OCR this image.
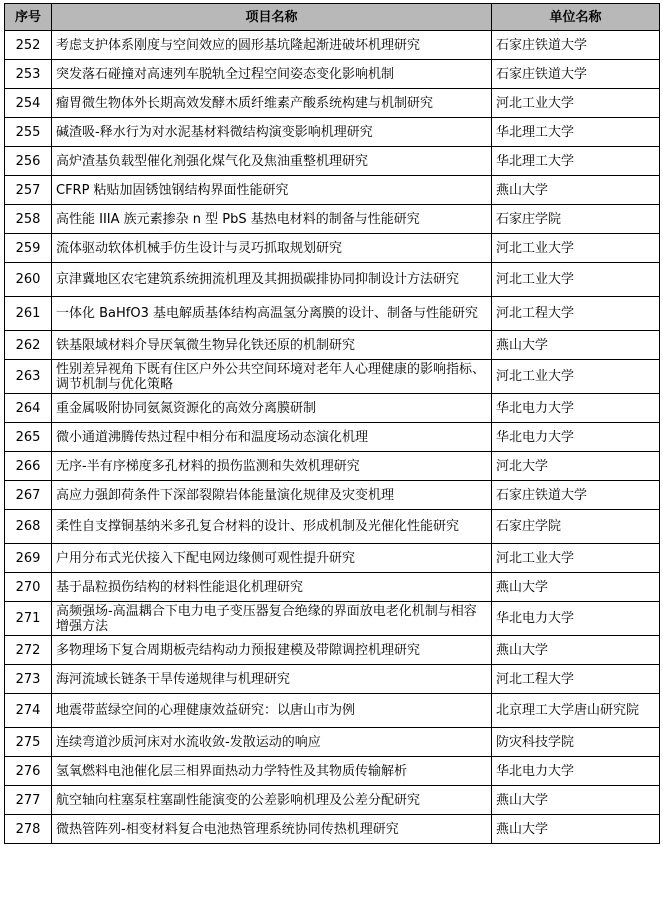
序号	项目名称	单位名称
252	考虑支护体系刚度与空间效应的圆形基坑隆起渐进破坏机理研究	石家庄铁道大学
253	突发落石碰撞对高速列车脱轨全过程空间姿态变化影响机制	石家庄铁道大学
254	瘤胃微生物体外长期高效发酵木质纤维素产酸系统构建与机制研究	河北工业大学
255	碱渣吸-释水行为对水泥基材料微结构演变影响机理研究	华北理工大学
256	高炉渣基负载型催化剂强化煤气化及焦油重整机理研究	华北理工大学
257	CFRP 粘贴加固锈蚀钢结构界面性能研究	燕山大学
258	高性能 IIIA 族元素掺杂 n 型 PbS 基热电材料的制备与性能研究	石家庄学院
259	流体驱动软体机械手仿生设计与灵巧抓取规划研究	河北工业大学
260	京津冀地区农宅建筑系统拥流机理及其拥损碳排协同抑制设计方法研究	河北工业大学
261	一体化 BaHfO3 基电解质基体结构高温氢分离膜的设计、制备与性能研究	河北工程大学
262	铁基限域材料介导厌氧微生物异化铁还原的机制研究	燕山大学
263	性别差异视角下既有住区户外公共空间环境对老年人心理健康的影响指标、调节机制与优化策略	河北工业大学
264	重金属吸附协同氨氮资源化的高效分离膜研制	华北电力大学
265	微小通道沸腾传热过程中相分布和温度场动态演化机理	华北电力大学
266	无序-半有序梯度多孔材料的损伤监测和失效机理研究	河北大学
267	高应力强卸荷条件下深部裂隙岩体能量演化规律及灾变机理	石家庄铁道大学
268	柔性自支撑铜基纳米多孔复合材料的设计、形成机制及光催化性能研究	石家庄学院
269	户用分布式光伏接入下配电网边缘侧可观性提升研究	河北工业大学
270	基于晶粒损伤结构的材料性能退化机理研究	燕山大学
271	高频强场-高温耦合下电力电子变压器复合绝缘的界面放电老化机制与相容增强方法	华北电力大学
272	多物理场下复合周期板壳结构动力预报建模及带隙调控机理研究	燕山大学
273	海河流域长链条干旱传递规律与机理研究	河北工程大学
274	地震带蓝绿空间的心理健康效益研究：以唐山市为例	北京理工大学唐山研究院
275	连续弯道沙质河床对水流收敛-发散运动的响应	防灾科技学院
276	氢氧燃料电池催化层三相界面热动力学特性及其物质传输解析	华北电力大学
277	航空轴向柱塞泵柱塞副性能演变的公差影响机理及公差分配研究	燕山大学
278	微热管阵列-相变材料复合电池热管理系统协同传热机理研究	燕山大学
